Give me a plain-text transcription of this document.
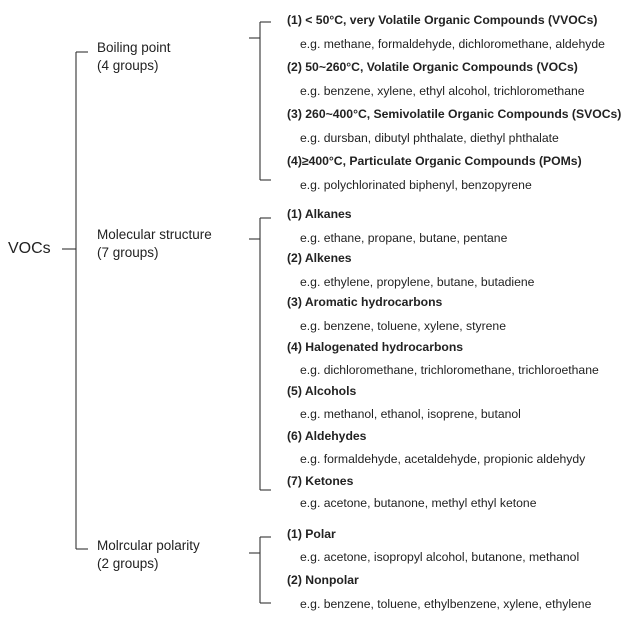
VOCs
Boiling point
(4 groups)
(1) < 50°C, very Volatile Organic Compounds (VVOCs)
e.g. methane, formaldehyde, dichloromethane, aldehyde
(2) 50~260°C, Volatile Organic Compounds (VOCs)
e.g. benzene, xylene, ethyl alcohol, trichloromethane
(3) 260~400°C, Semivolatile Organic Compounds (SVOCs)
e.g. dursban, dibutyl phthalate, diethyl phthalate
(4)≥400°C, Particulate Organic Compounds (POMs)
e.g. polychlorinated biphenyl, benzopyrene
Molecular structure
(7 groups)
(1) Alkanes
e.g. ethane, propane, butane, pentane
(2) Alkenes
e.g. ethylene, propylene, butane, butadiene
(3) Aromatic hydrocarbons
e.g. benzene, toluene, xylene, styrene
(4) Halogenated hydrocarbons
e.g. dichloromethane, trichloromethane, trichloroethane
(5) Alcohols
e.g. methanol, ethanol, isoprene, butanol
(6) Aldehydes
e.g. formaldehyde, acetaldehyde, propionic aldehydy
(7) Ketones
e.g. acetone, butanone, methyl ethyl ketone
Molrcular polarity
(2 groups)
(1) Polar
e.g. acetone, isopropyl alcohol, butanone, methanol
(2) Nonpolar
e.g. benzene, toluene, ethylbenzene, xylene, ethylene
